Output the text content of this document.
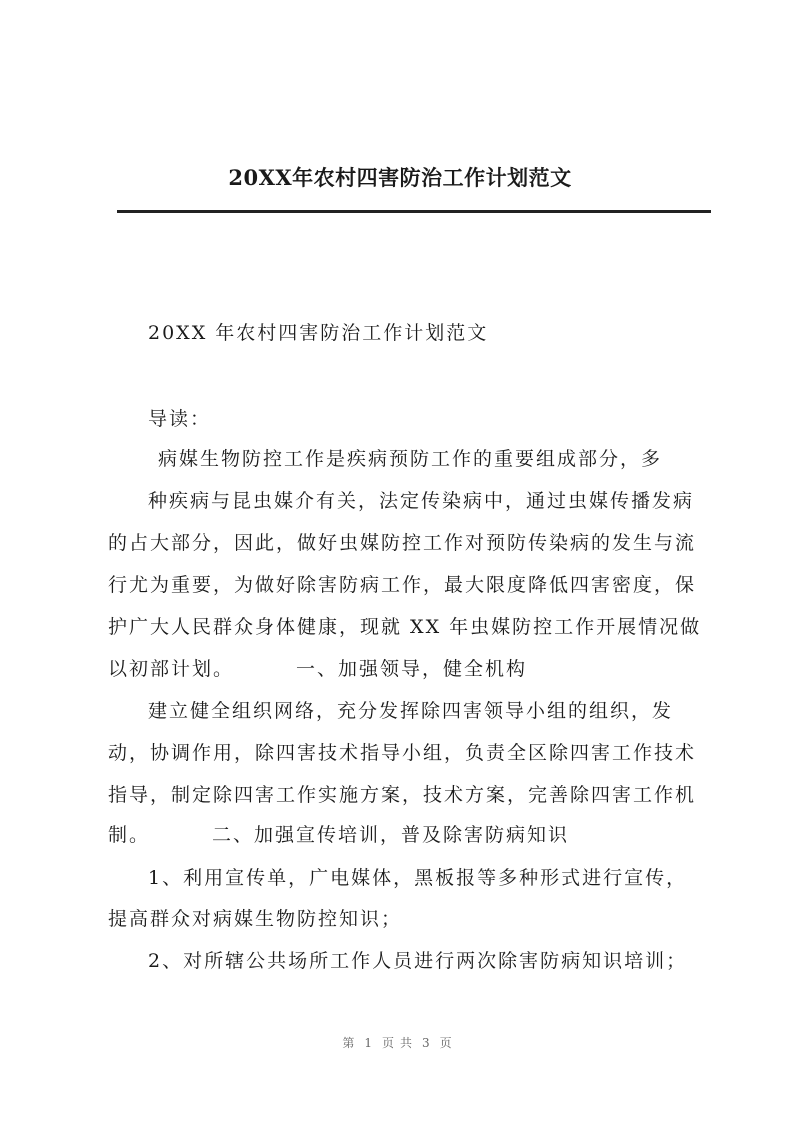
20XX年农村四害防治工作计划范文
20XX 年农村四害防治工作计划范文
导读：
病媒生物防控工作是疾病预防工作的重要组成部分，多
种疾病与昆虫媒介有关，法定传染病中，通过虫媒传播发病
的占大部分，因此，做好虫媒防控工作对预防传染病的发生与流
行尤为重要，为做好除害防病工作，最大限度降低四害密度，保
护广大人民群众身体健康，现就 XX 年虫媒防控工作开展情况做
以初部计划。	一、加强领导，健全机构
建立健全组织网络，充分发挥除四害领导小组的组织，发
动，协调作用，除四害技术指导小组，负责全区除四害工作技术
指导，制定除四害工作实施方案，技术方案，完善除四害工作机
制。	二、加强宣传培训，普及除害防病知识
1、利用宣传单，广电媒体，黑板报等多种形式进行宣传，
提高群众对病媒生物防控知识；
2、对所辖公共场所工作人员进行两次除害防病知识培训；
第 1 页共 3 页
